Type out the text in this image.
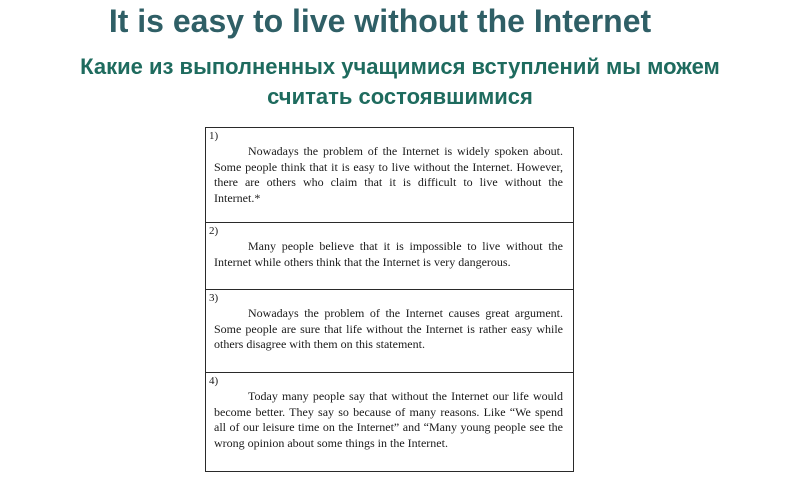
It is easy to live without the Internet
Какие из выполненных учащимися вступлений мы можем считать состоявшимися
1)
Nowadays the problem of the Internet is widely spoken about. Some people think that it is easy to live without the Internet. However, there are others who claim that it is difficult to live without the Internet.*
2)
Many people believe that it is impossible to live without the Internet while others think that the Internet is very dangerous.
3)
Nowadays the problem of the Internet causes great argument. Some people are sure that life without the Internet is rather easy while others disagree with them on this statement.
4)
Today many people say that without the Internet our life would become better. They say so because of many reasons. Like “We spend all of our leisure time on the Internet” and “Many young people see the wrong opinion about some things in the Internet.
